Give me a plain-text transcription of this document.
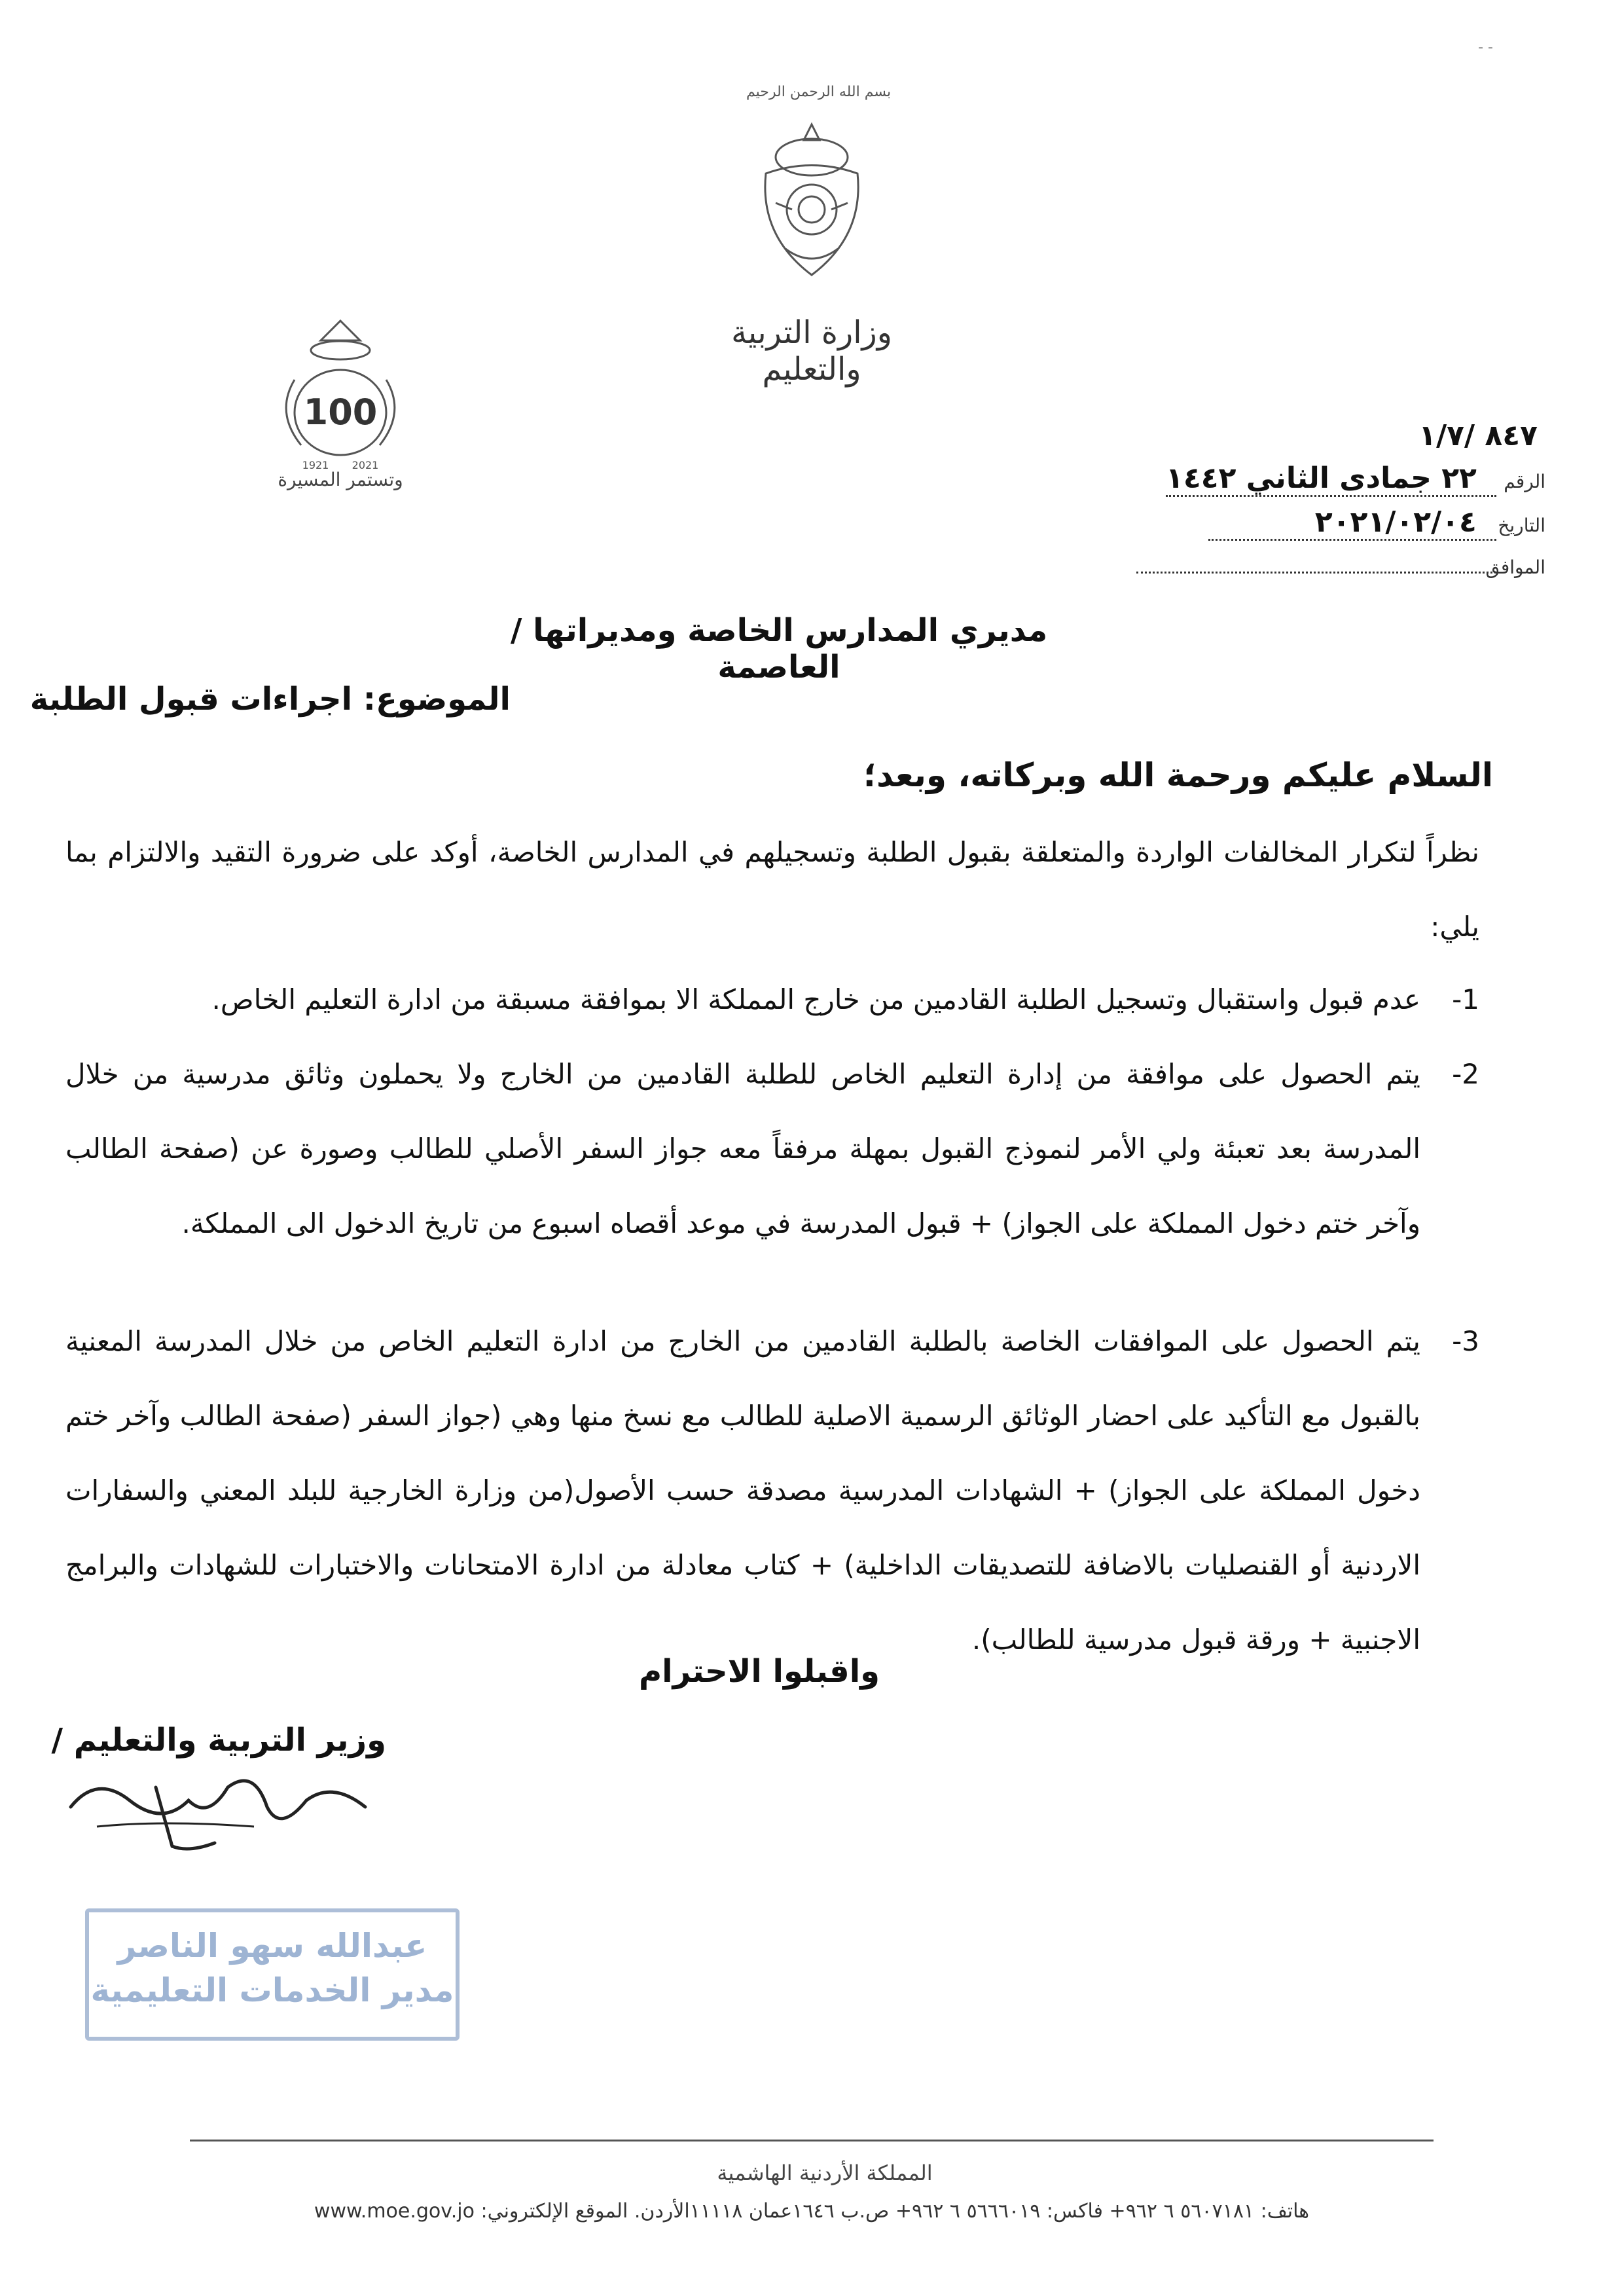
- -
بسم الله الرحمن الرحيم
وزارة التربية والتعليم
100
1921 2021
وتستمر المسيرة
٨٤٧ /١/٧
الرقم ٢٢ جمادى الثاني ١٤٤٢
التاريخ ٢٠٢١/٠٢/٠٤
الموافق
مديري المدارس الخاصة ومديراتها / العاصمة
الموضوع: اجراءات قبول الطلبة
السلام عليكم ورحمة الله وبركاته، وبعد؛
نظراً لتكرار المخالفات الواردة والمتعلقة بقبول الطلبة وتسجيلهم في المدارس الخاصة، أوكد على ضرورة التقيد والالتزام بما يلي:
1-
عدم قبول واستقبال وتسجيل الطلبة القادمين من خارج المملكة الا بموافقة مسبقة من ادارة التعليم الخاص.
2-
يتم الحصول على موافقة من إدارة التعليم الخاص للطلبة القادمين من الخارج ولا يحملون وثائق مدرسية من خلال المدرسة بعد تعبئة ولي الأمر لنموذج القبول بمهلة مرفقاً معه جواز السفر الأصلي للطالب وصورة عن (صفحة الطالب وآخر ختم دخول المملكة على الجواز) + قبول المدرسة في موعد أقصاه اسبوع من تاريخ الدخول الى المملكة.
3-
يتم الحصول على الموافقات الخاصة بالطلبة القادمين من الخارج من ادارة التعليم الخاص من خلال المدرسة المعنية بالقبول مع التأكيد على احضار الوثائق الرسمية الاصلية للطالب مع نسخ منها وهي (جواز السفر (صفحة الطالب وآخر ختم دخول المملكة على الجواز) + الشهادات المدرسية مصدقة حسب الأصول(من وزارة الخارجية للبلد المعني والسفارات الاردنية أو القنصليات بالاضافة للتصديقات الداخلية) + كتاب معادلة من ادارة الامتحانات والاختبارات للشهادات والبرامج الاجنبية + ورقة قبول مدرسية للطالب).
واقبلوا الاحترام
وزير التربية والتعليم /
عبدالله سهو الناصر
مدير الخدمات التعليمية
المملكة الأردنية الهاشمية
هاتف: ٥٦٠٧١٨١ ٦ ٩٦٢+ فاكس: ٥٦٦٦٠١٩ ٦ ٩٦٢+ ص.ب ١٦٤٦عمان ١١١١٨الأردن. الموقع الإلكتروني: www.moe.gov.jo
